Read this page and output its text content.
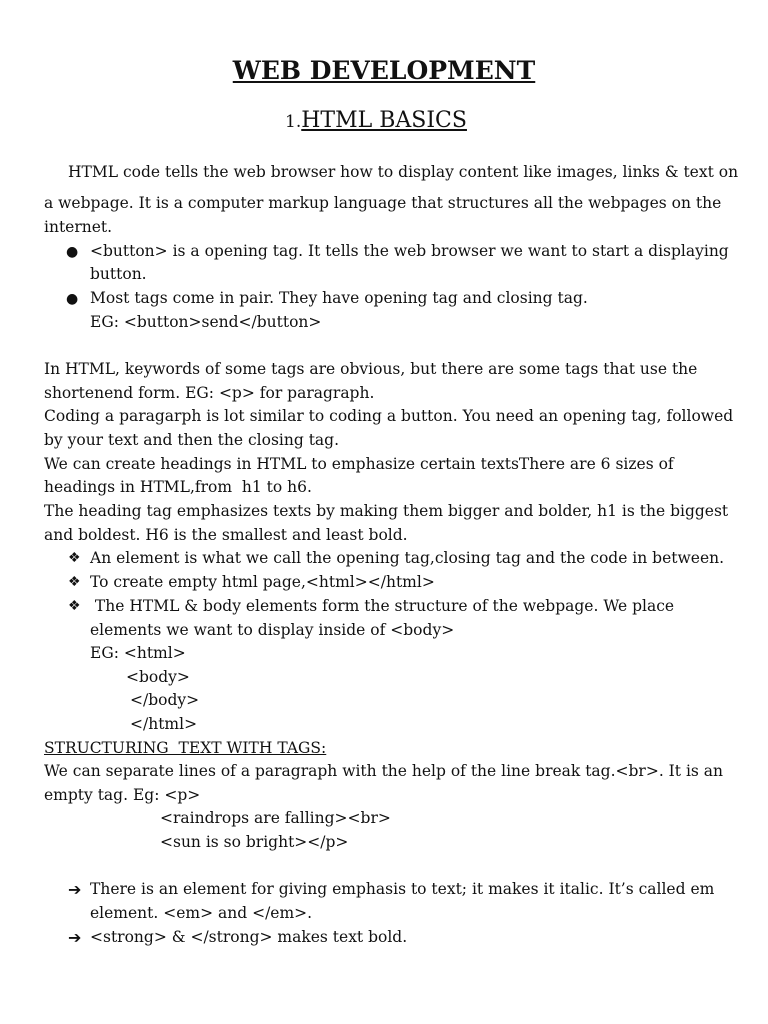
WEB DEVELOPMENT
1.HTML BASICS
HTML code tells the web browser how to display content like images, links & text on
a webpage. It is a computer markup language that structures all the webpages on the
internet.
● <button> is a opening tag. It tells the web browser we want to start a displaying
button.
● Most tags come in pair. They have opening tag and closing tag.
EG: <button>send</button>
In HTML, keywords of some tags are obvious, but there are some tags that use the
shortenend form. EG: <p> for paragraph.
Coding a paragarph is lot similar to coding a button. You need an opening tag, followed
by your text and then the closing tag.
We can create headings in HTML to emphasize certain textsThere are 6 sizes of
headings in HTML,from  h1 to h6.
The heading tag emphasizes texts by making them bigger and bolder, h1 is the biggest
and boldest. H6 is the smallest and least bold.
❖ An element is what we call the opening tag,closing tag and the code in between.
❖ To create empty html page,<html></html>
❖ The HTML & body elements form the structure of the webpage. We place
elements we want to display inside of <body>
EG: <html>
<body>
</body>
</html>
STRUCTURING  TEXT WITH TAGS:
We can separate lines of a paragraph with the help of the line break tag.<br>. It is an
empty tag. Eg: <p>
<raindrops are falling><br>
<sun is so bright></p>
➔ There is an element for giving emphasis to text; it makes it italic. It’s called em
element. <em> and </em>.
➔ <strong> & </strong> makes text bold.
